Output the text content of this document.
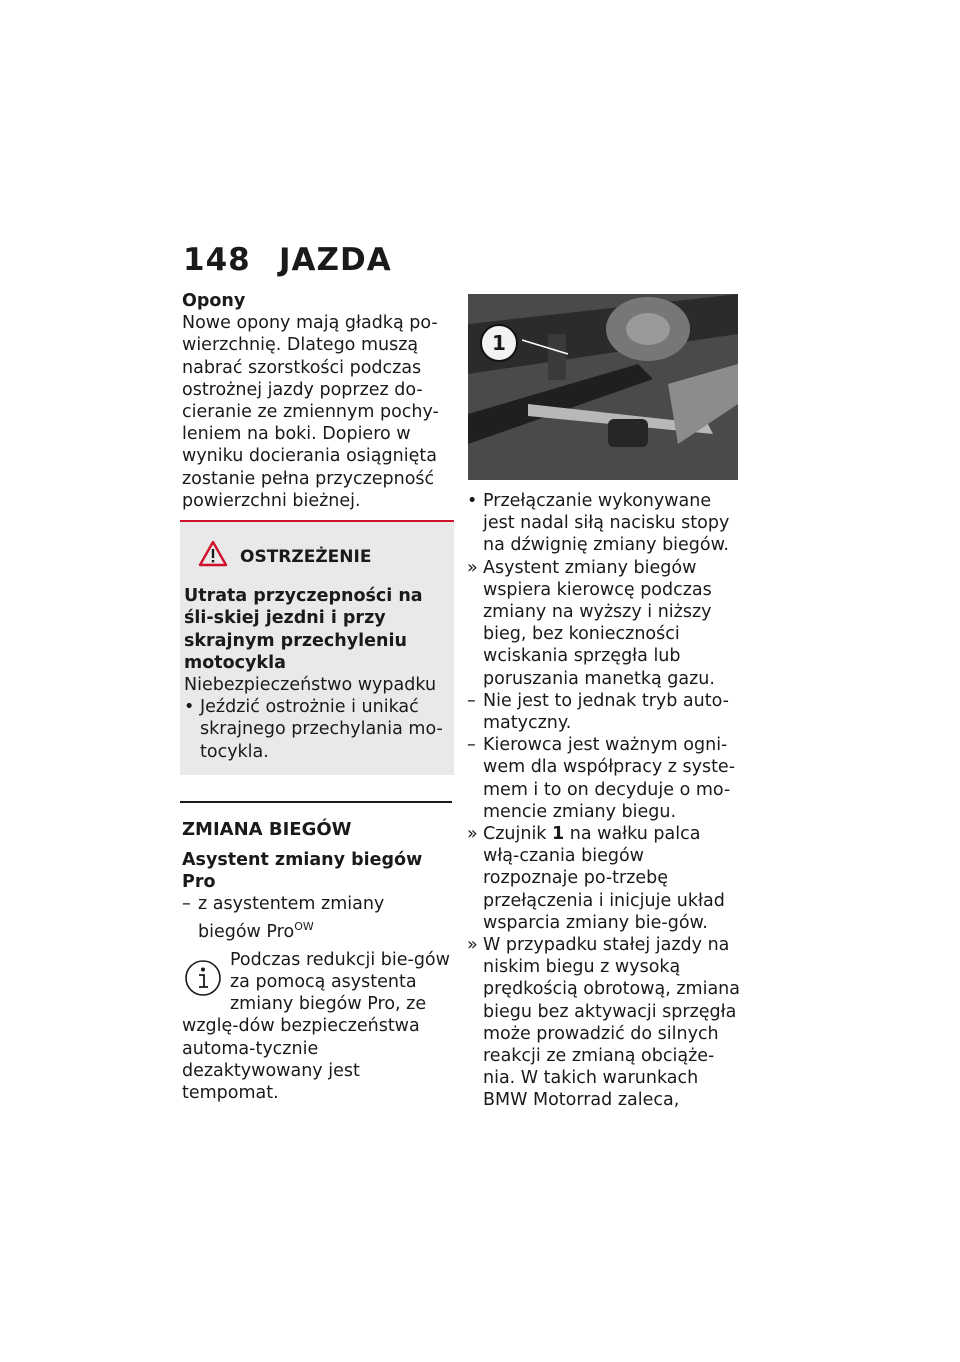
148 JAZDA

Opony

Nowe opony mają gładką po-wierzchnię. Dlatego muszą nabrać szorstkości podczas ostrożnej jazdy poprzez do-cieranie ze zmiennym pochy-leniem na boki. Dopiero w wyniku docierania osiągnięta zostanie pełna przyczepność powierzchni bieżnej.

OSTRZEŻENIE

Utrata przyczepności na śli-skiej jezdni i przy skrajnym przechyleniu motocykla

Niebezpieczeństwo wypadku

• Jeździć ostrożnie i unikać skrajnego przechylania mo-tocykla.

ZMIANA BIEGÓW

Asystent zmiany biegów Pro

– z asystentem zmiany biegów Pro$^{OW}$
Podczas redukcji bie-gów za pomocą asystenta zmiany biegów Pro, ze wzglę-dów bezpieczeństwa automa-tycznie dezaktywowany jest tempomat.
1
• Przełączanie wykonywane jest nadal siłą nacisku stopy na dźwignię zmiany biegów.
» Asystent zmiany biegów wspiera kierowcę podczas zmiany na wyższy i niższy bieg, bez konieczności wciskania sprzęgła lub poruszania manetką gazu.
– Nie jest to jednak tryb auto-matyczny.
– Kierowca jest ważnym ogni-wem dla współpracy z syste-mem i to on decyduje o mo-mencie zmiany biegu.
» Czujnik 1 na wałku palca włą-czania biegów rozpoznaje po-trzebę przełączenia i inicjuje układ wsparcia zmiany bie-gów.
» W przypadku stałej jazdy na niskim biegu z wysoką prędkością obrotową, zmiana biegu bez aktywacji sprzęgła może prowadzić do silnych reakcji ze zmianą obciąże-nia. W takich warunkach BMW Motorrad zaleca,
